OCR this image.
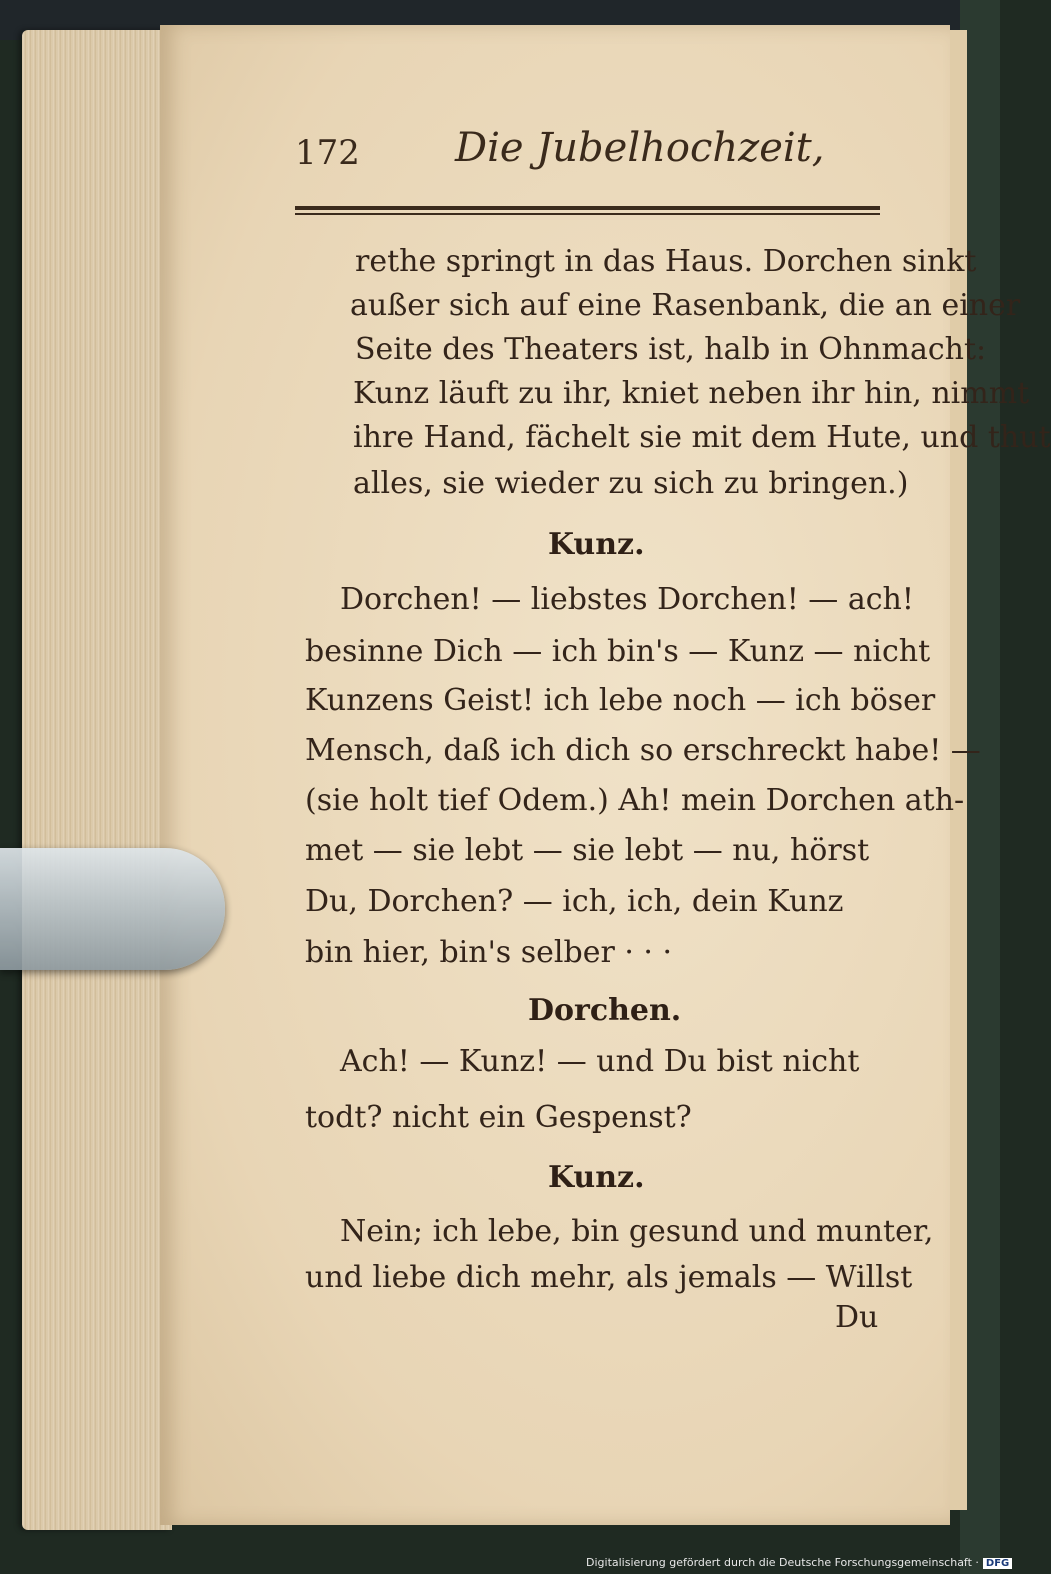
172 Die Jubelhochzeit,
rethe springt in das Haus. Dorchen sinkt
außer sich auf eine Rasenbank, die an einer
Seite des Theaters ist, halb in Ohnmacht:
Kunz läuft zu ihr, kniet neben ihr hin, nimmt
ihre Hand, fächelt sie mit dem Hute, und thut
alles, sie wieder zu sich zu bringen.)
Kunz.
Dorchen! — liebstes Dorchen! — ach!
besinne Dich — ich bin's — Kunz — nicht
Kunzens Geist! ich lebe noch — ich böser
Mensch, daß ich dich so erschreckt habe! —
(sie holt tief Odem.) Ah! mein Dorchen ath-
met — sie lebt — sie lebt — nu, hörst
Du, Dorchen? — ich, ich, dein Kunz
bin hier, bin's selber · · ·
Dorchen.
Ach! — Kunz! — und Du bist nicht
todt? nicht ein Gespenst?
Kunz.
Nein; ich lebe, bin gesund und munter,
und liebe dich mehr, als jemals — Willst
Du
Digitalisierung gefördert durch die Deutsche Forschungsgemeinschaft · DFG
